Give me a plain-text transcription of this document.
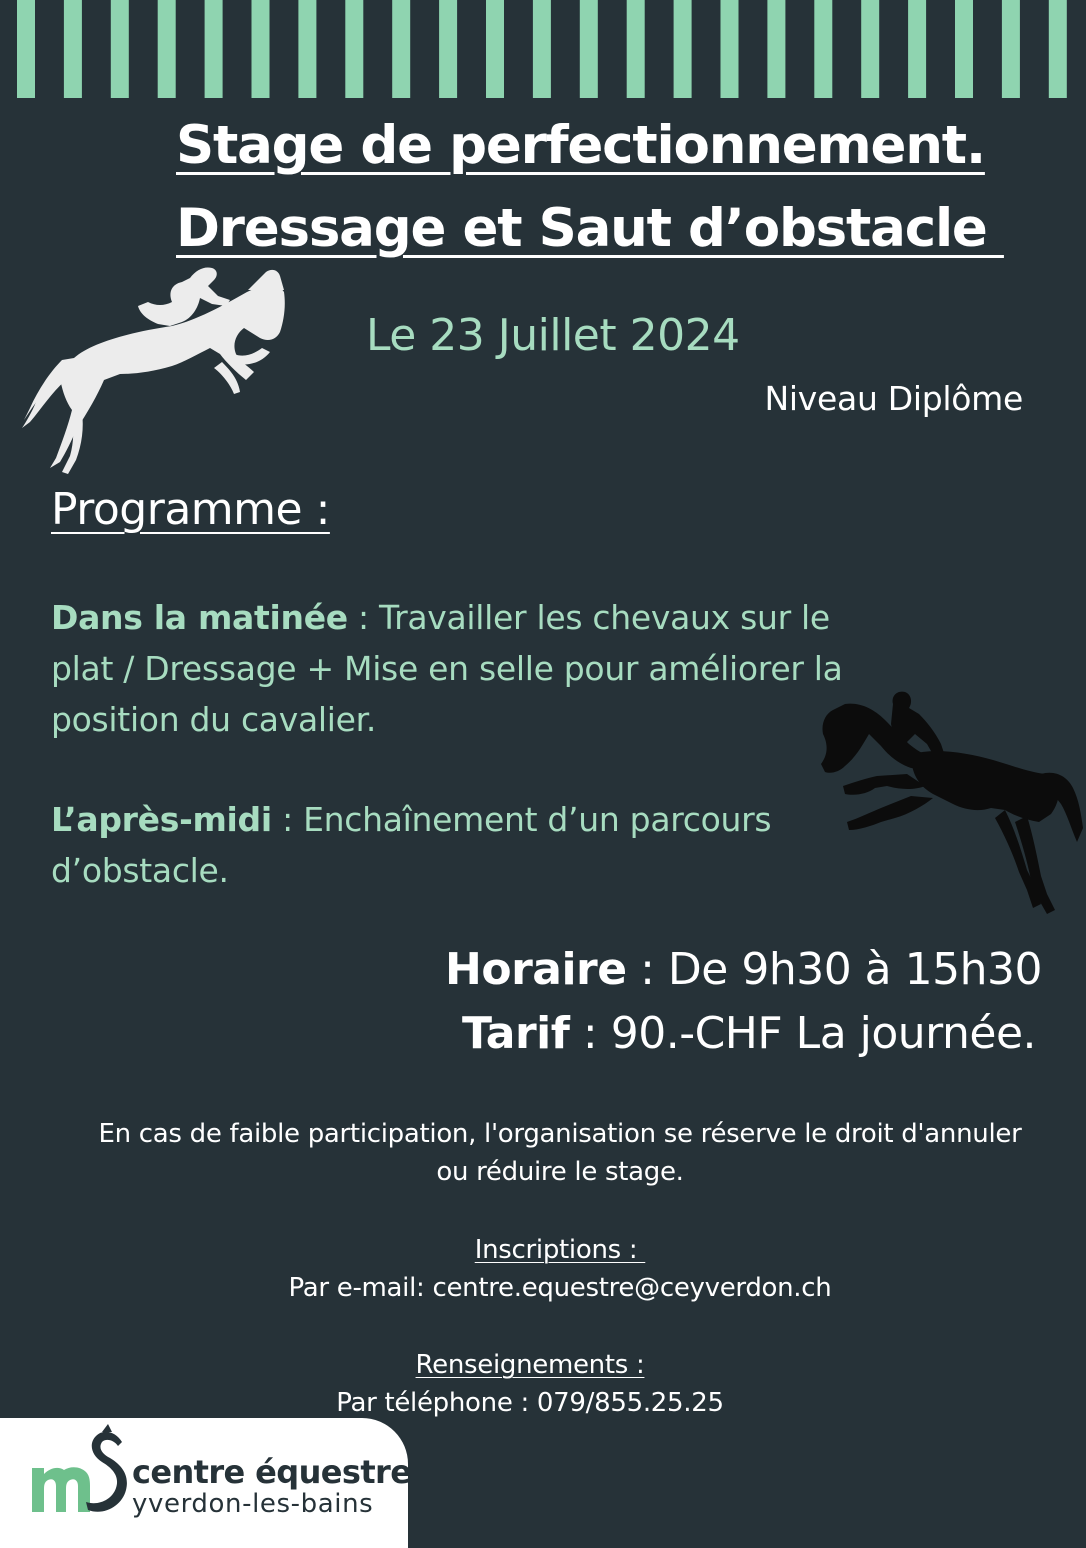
Stage de perfectionnement.
Dressage et Saut d’obstacle
Le 23 Juillet 2024
Niveau Diplôme
Programme :
Dans la matinée : Travailler les chevaux sur le plat / Dressage + Mise en selle pour améliorer la position du cavalier.
L’après-midi : Enchaînement d’un parcours d’obstacle.
Horaire : De 9h30 à 15h30
Tarif : 90.-CHF La journée.
En cas de faible participation, l'organisation se réserve le droit d'annuler ou réduire le stage.
Inscriptions :
Par e-mail: centre.equestre@ceyverdon.ch
Renseignements :
Par téléphone : 079/855.25.25
centre équestre
yverdon-les-bains
